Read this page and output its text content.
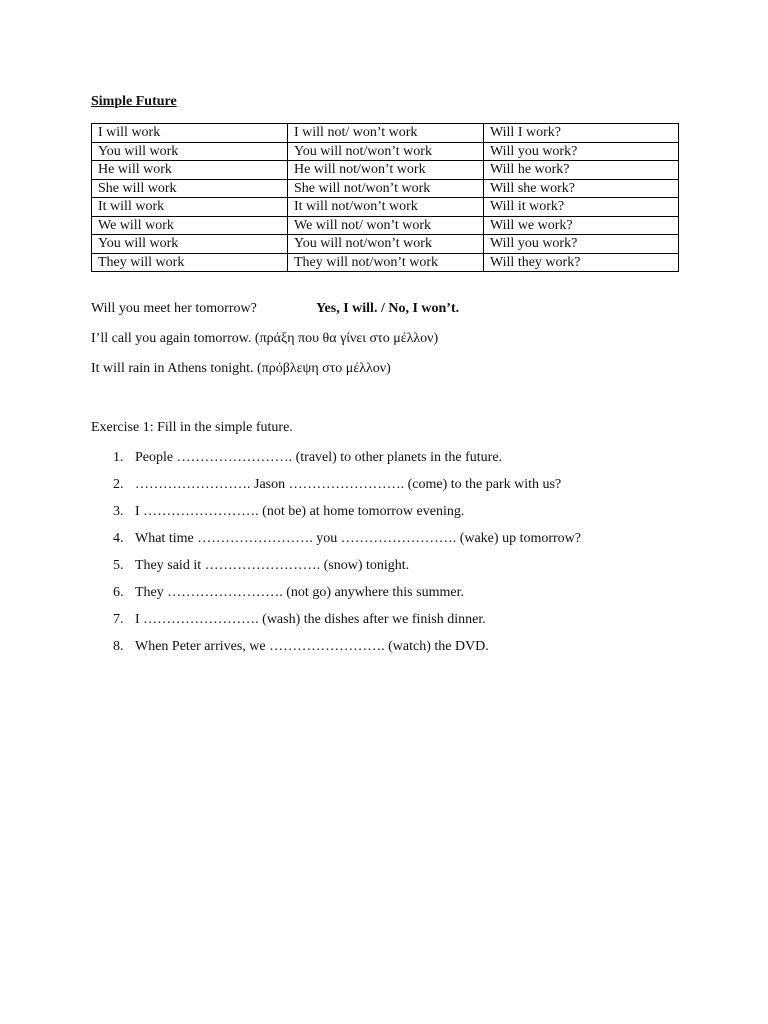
Simple Future
I will work	I will not/ won’t work	Will I work?
You will work	You will not/won’t work	Will you work?
He will work	He will not/won’t work	Will he work?
She will work	She will not/won’t work	Will she work?
It will work	It will not/won’t work	Will it work?
We will work	We will not/ won’t work	Will we work?
You will work	You will not/won’t work	Will you work?
They will work	They will not/won’t work	Will they work?
Will you meet her tomorrow?	Yes, I will. / No, I won’t.
I’ll call you again tomorrow. (πράξη που θα γίνει στο μέλλον)
It will rain in Athens tonight. (πρόβλεψη στο μέλλον)
Exercise 1: Fill in the simple future.
1. People ……………………. (travel) to other planets in the future.
2. ……………………. Jason ……………………. (come) to the park with us?
3. I ……………………. (not be) at home tomorrow evening.
4. What time ……………………. you ……………………. (wake) up tomorrow?
5. They said it ……………………. (snow) tonight.
6. They ……………………. (not go) anywhere this summer.
7. I ……………………. (wash) the dishes after we finish dinner.
8. When Peter arrives, we ……………………. (watch) the DVD.
